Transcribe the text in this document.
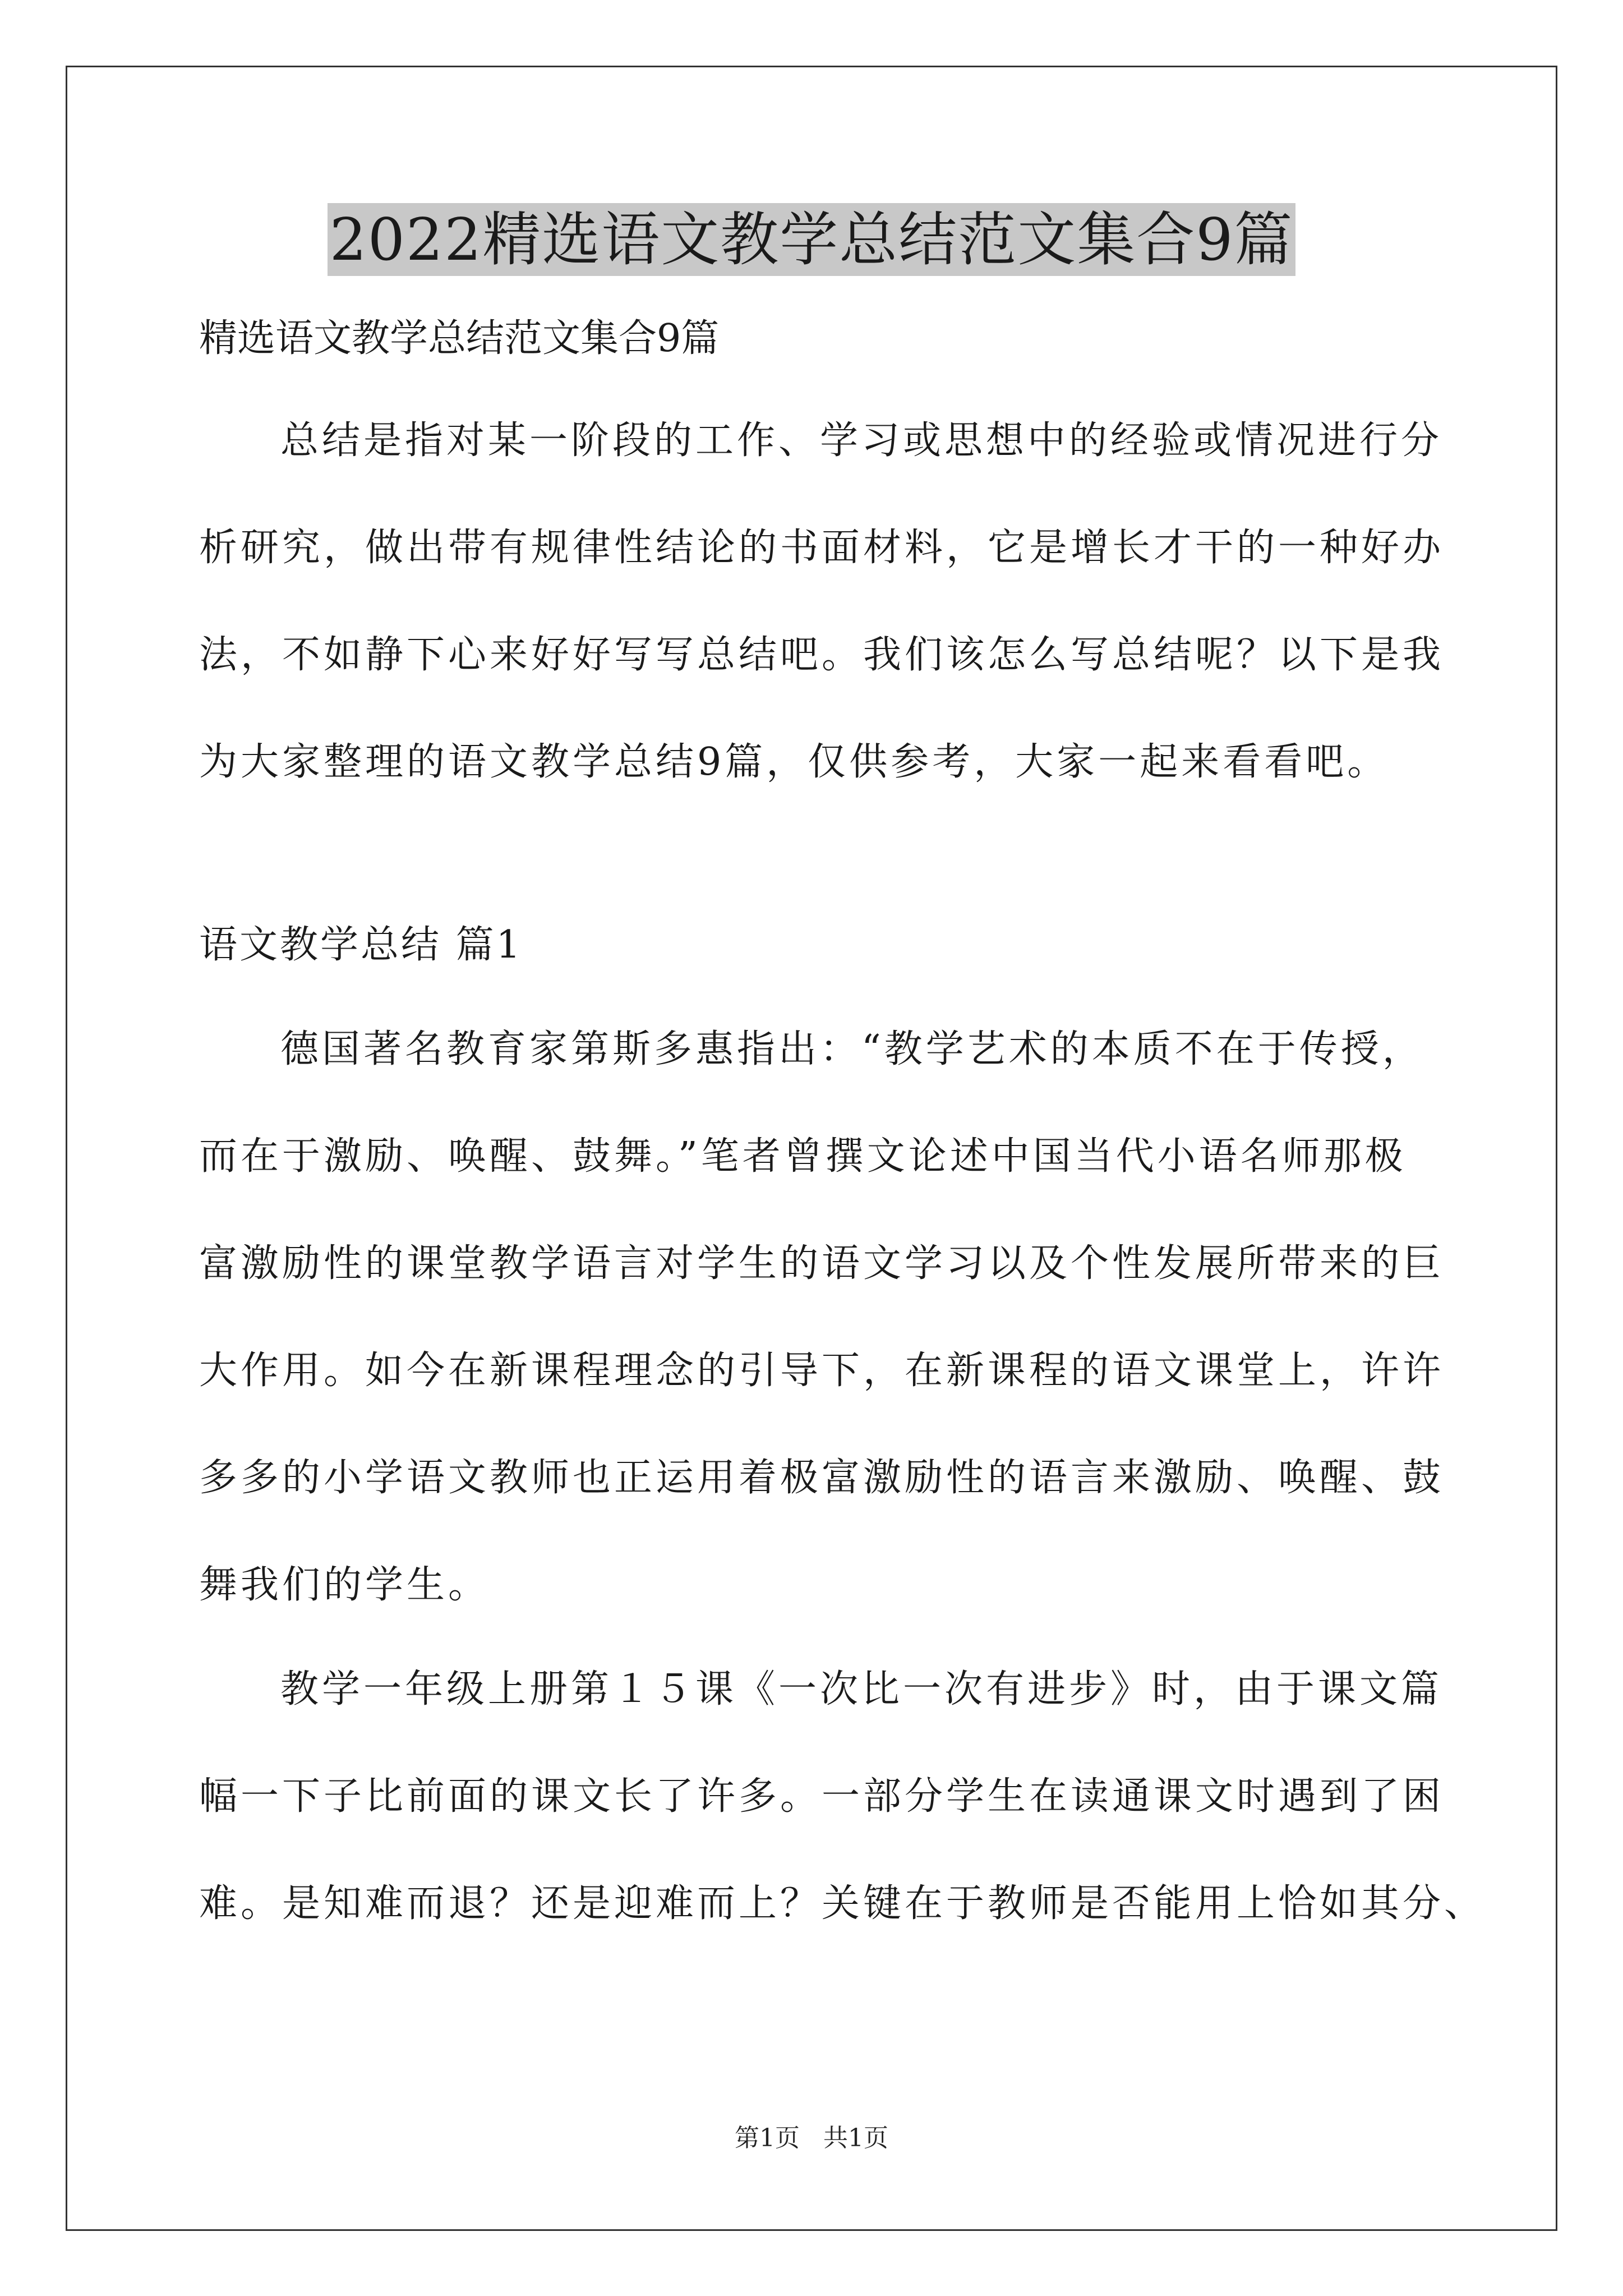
2022精选语文教学总结范文集合9篇
精选语文教学总结范文集合9篇
总结是指对某一阶段的工作、学习或思想中的经验或情况进行分
析研究，做出带有规律性结论的书面材料，它是增长才干的一种好办
法，不如静下心来好好写写总结吧。我们该怎么写总结呢？以下是我
为大家整理的语文教学总结9篇，仅供参考，大家一起来看看吧。
语文教学总结 篇1
德国著名教育家第斯多惠指出：“教学艺术的本质不在于传授，
而在于激励、唤醒、鼓舞。”笔者曾撰文论述中国当代小语名师那极
富激励性的课堂教学语言对学生的语文学习以及个性发展所带来的巨
大作用。如今在新课程理念的引导下，在新课程的语文课堂上，许许
多多的小学语文教师也正运用着极富激励性的语言来激励、唤醒、鼓
舞我们的学生。
教学一年级上册第１５课《一次比一次有进步》时，由于课文篇
幅一下子比前面的课文长了许多。一部分学生在读通课文时遇到了困
难。是知难而退？还是迎难而上？关键在于教师是否能用上恰如其分、
第1页 共1页
